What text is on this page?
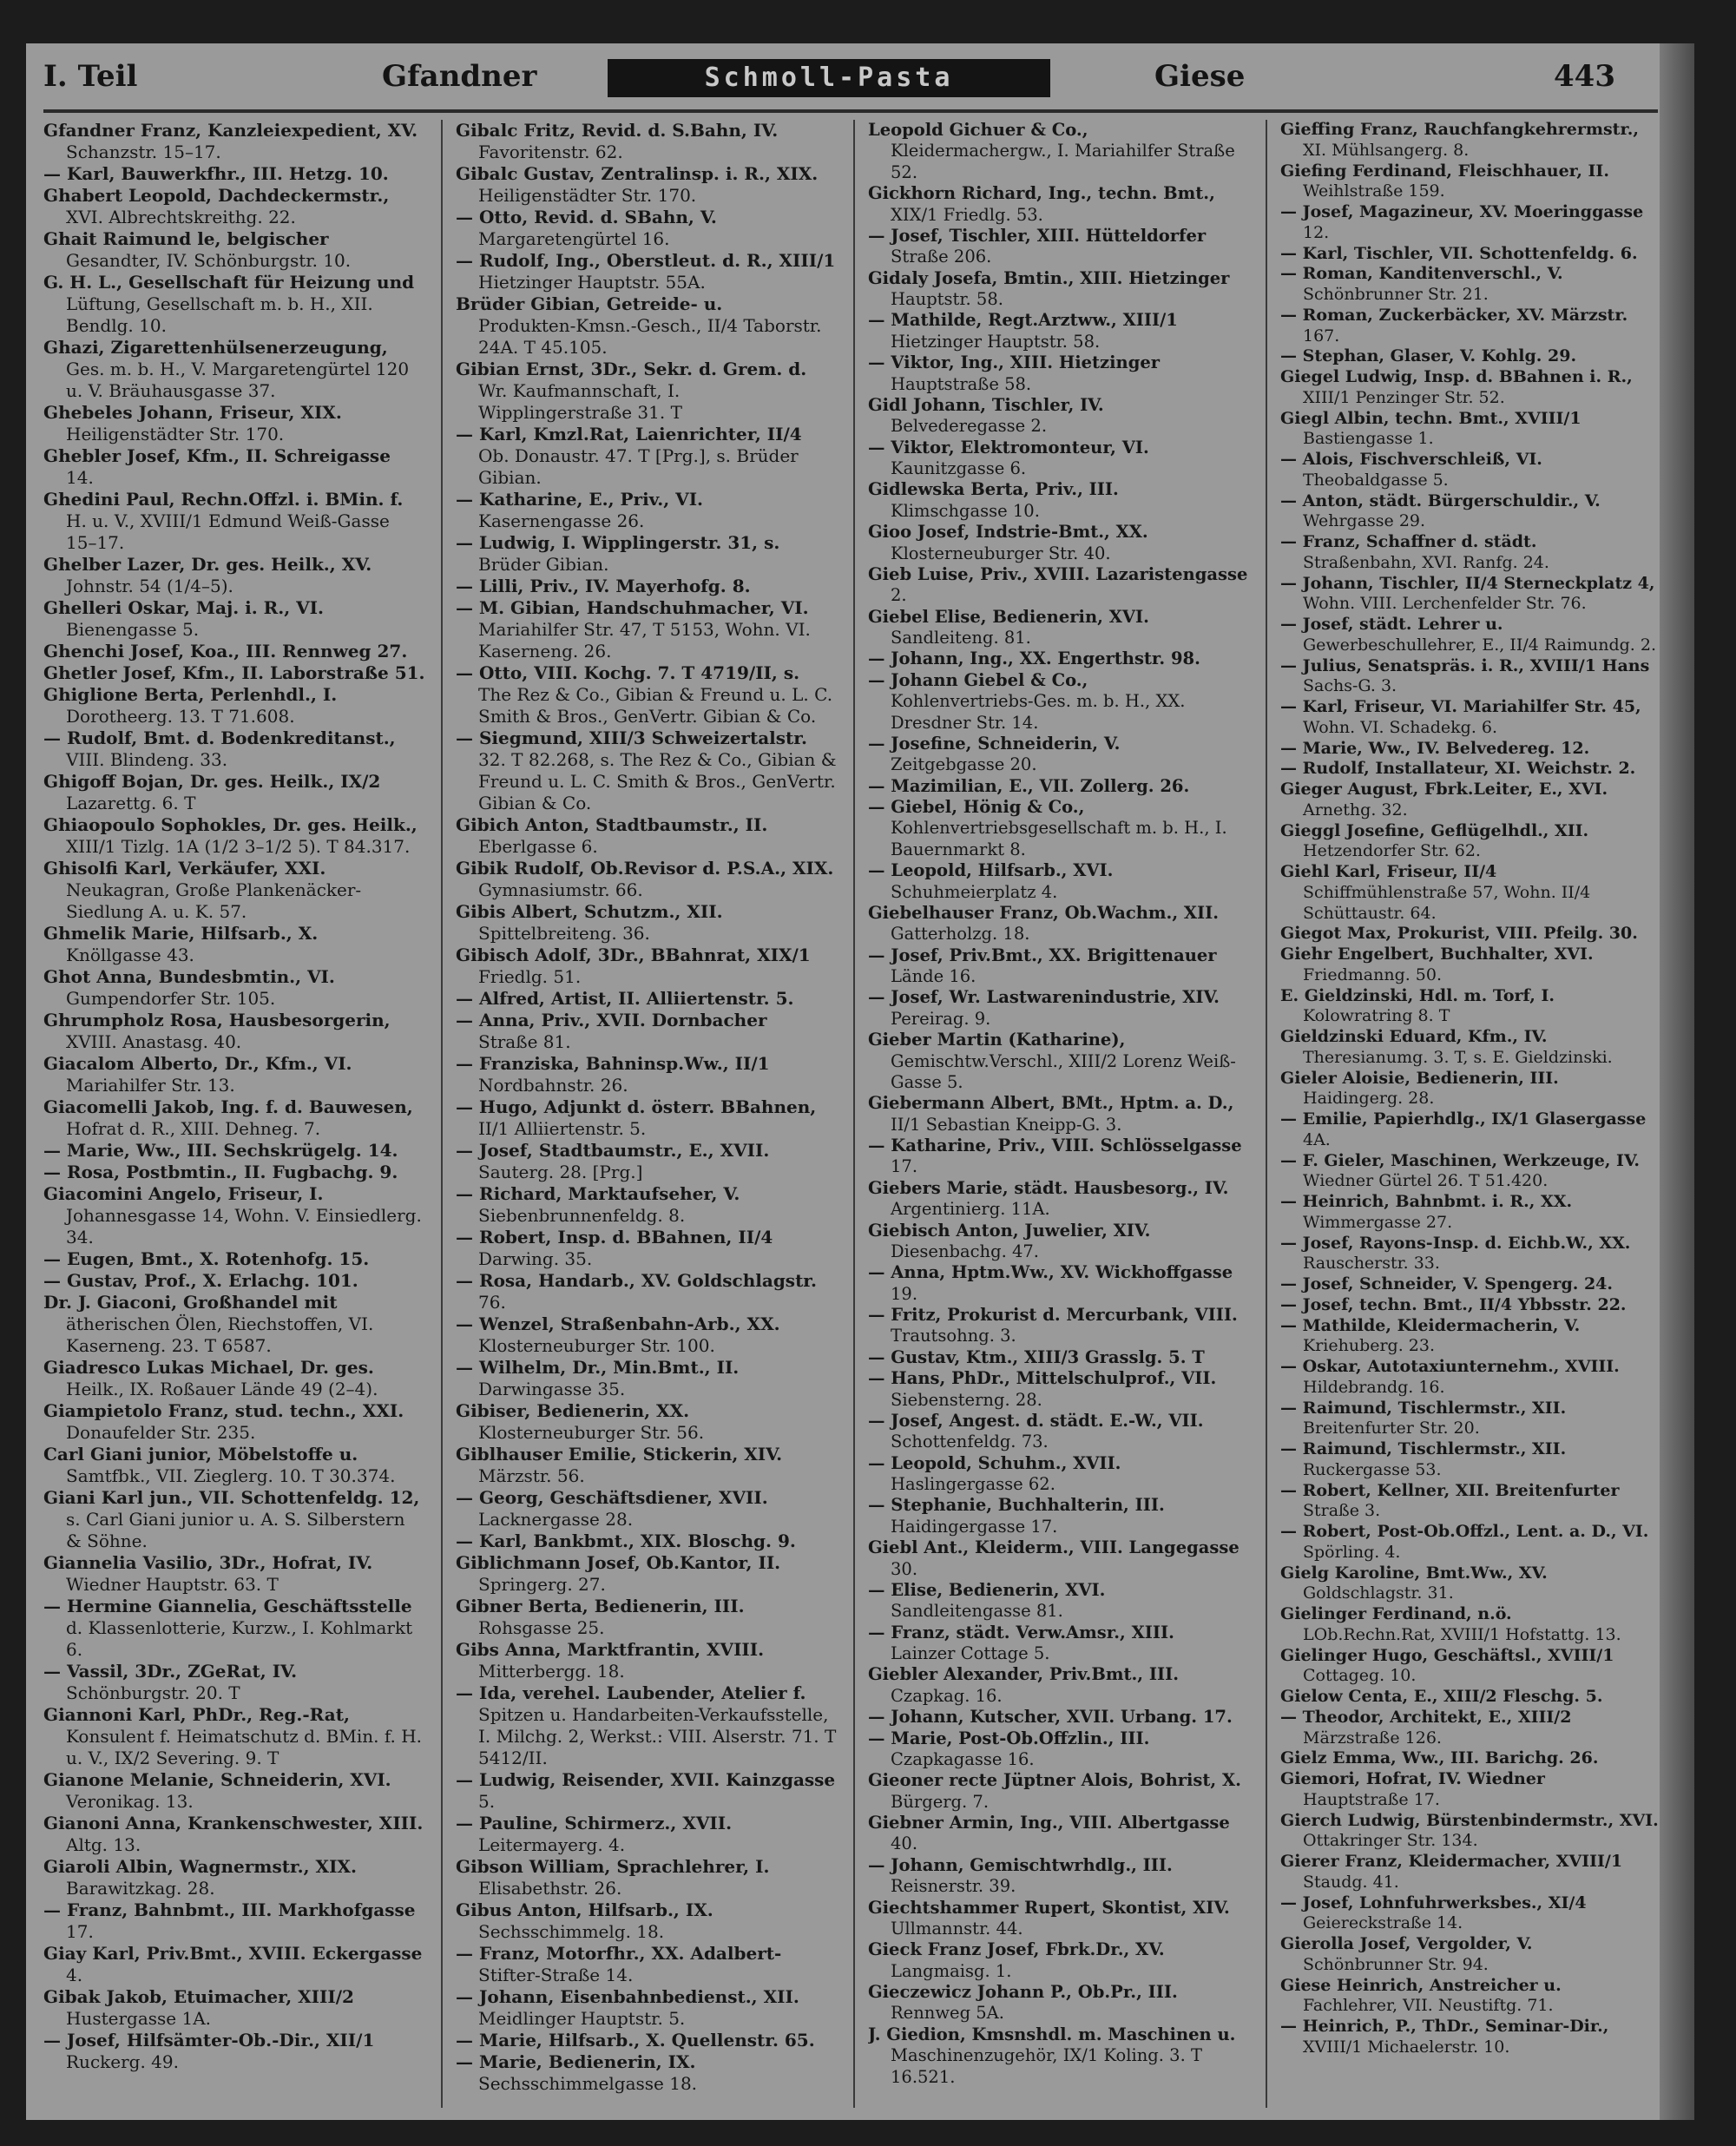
I. Teil	Gfandner	Schmoll-Pasta	Giese	443

Gfandner Franz, Kanzleiexpedient, XV. Schanzstr. 15–17.

— Karl, Bauwerkfhr., III. Hetzg. 10.

Ghabert Leopold, Dachdeckermstr., XVI. Albrechtskreithg. 22.

Ghait Raimund le, belgischer Gesandter, IV. Schönburgstr. 10.

G. H. L., Gesellschaft für Heizung und Lüftung, Gesellschaft m. b. H., XII. Bendlg. 10.

Ghazi, Zigarettenhülsenerzeugung, Ges. m. b. H., V. Margaretengürtel 120 u. V. Bräuhausgasse 37.

Ghebeles Johann, Friseur, XIX. Heiligenstädter Str. 170.

Ghebler Josef, Kfm., II. Schreigasse 14.

Ghedini Paul, Rechn.Offzl. i. BMin. f. H. u. V., XVIII/1 Edmund Weiß-Gasse 15–17.

Ghelber Lazer, Dr. ges. Heilk., XV. Johnstr. 54 (1/4–5).

Ghelleri Oskar, Maj. i. R., VI. Bienengasse 5.

Ghenchi Josef, Koa., III. Rennweg 27.

Ghetler Josef, Kfm., II. Laborstraße 51.

Ghiglione Berta, Perlenhdl., I. Dorotheerg. 13. T 71.608.

— Rudolf, Bmt. d. Bodenkreditanst., VIII. Blindeng. 33.

Ghigoff Bojan, Dr. ges. Heilk., IX/2 Lazarettg. 6. T

Ghiaopoulo Sophokles, Dr. ges. Heilk., XIII/1 Tizlg. 1A (1/2 3–1/2 5). T 84.317.

Ghisolfi Karl, Verkäufer, XXI. Neukagran, Große Plankenäcker-Siedlung A. u. K. 57.

Ghmelik Marie, Hilfsarb., X. Knöllgasse 43.

Ghot Anna, Bundesbmtin., VI. Gumpendorfer Str. 105.

Ghrumpholz Rosa, Hausbesorgerin, XVIII. Anastasg. 40.

Giacalom Alberto, Dr., Kfm., VI. Mariahilfer Str. 13.

Giacomelli Jakob, Ing. f. d. Bauwesen, Hofrat d. R., XIII. Dehneg. 7.

— Marie, Ww., III. Sechskrügelg. 14.

— Rosa, Postbmtin., II. Fugbachg. 9.

Giacomini Angelo, Friseur, I. Johannesgasse 14, Wohn. V. Einsiedlerg. 34.

— Eugen, Bmt., X. Rotenhofg. 15.

— Gustav, Prof., X. Erlachg. 101.

Dr. J. Giaconi, Großhandel mit ätherischen Ölen, Riechstoffen, VI. Kaserneng. 23. T 6587.

Giadresco Lukas Michael, Dr. ges. Heilk., IX. Roßauer Lände 49 (2–4).

Giampietolo Franz, stud. techn., XXI. Donaufelder Str. 235.

Carl Giani junior, Möbelstoffe u. Samtfbk., VII. Zieglerg. 10. T 30.374.

Giani Karl jun., VII. Schottenfeldg. 12, s. Carl Giani junior u. A. S. Silberstern & Söhne.

Giannelia Vasilio, 3Dr., Hofrat, IV. Wiedner Hauptstr. 63. T

— Hermine Giannelia, Geschäftsstelle d. Klassenlotterie, Kurzw., I. Kohlmarkt 6.

— Vassil, 3Dr., ZGeRat, IV. Schönburgstr. 20. T

Giannoni Karl, PhDr., Reg.-Rat, Konsulent f. Heimatschutz d. BMin. f. H. u. V., IX/2 Severing. 9. T

Gianone Melanie, Schneiderin, XVI. Veronikag. 13.

Gianoni Anna, Krankenschwester, XIII. Altg. 13.

Giaroli Albin, Wagnermstr., XIX. Barawitzkag. 28.

— Franz, Bahnbmt., III. Markhofgasse 17.

Giay Karl, Priv.Bmt., XVIII. Eckergasse 4.

Gibak Jakob, Etuimacher, XIII/2 Hustergasse 1A.

— Josef, Hilfsämter-Ob.-Dir., XII/1 Ruckerg. 49.

Gibalc Fritz, Revid. d. S.Bahn, IV. Favoritenstr. 62.

Gibalc Gustav, Zentralinsp. i. R., XIX. Heiligenstädter Str. 170.

— Otto, Revid. d. SBahn, V. Margaretengürtel 16.

— Rudolf, Ing., Oberstleut. d. R., XIII/1 Hietzinger Hauptstr. 55A.

Brüder Gibian, Getreide- u. Produkten-Kmsn.-Gesch., II/4 Taborstr. 24A. T 45.105.

Gibian Ernst, 3Dr., Sekr. d. Grem. d. Wr. Kaufmannschaft, I. Wipplingerstraße 31. T

— Karl, Kmzl.Rat, Laienrichter, II/4 Ob. Donaustr. 47. T [Prg.], s. Brüder Gibian.

— Katharine, E., Priv., VI. Kasernengasse 26.

— Ludwig, I. Wipplingerstr. 31, s. Brüder Gibian.

— Lilli, Priv., IV. Mayerhofg. 8.

— M. Gibian, Handschuhmacher, VI. Mariahilfer Str. 47, T 5153, Wohn. VI. Kaserneng. 26.

— Otto, VIII. Kochg. 7. T 4719/II, s. The Rez & Co., Gibian & Freund u. L. C. Smith & Bros., GenVertr. Gibian & Co.

— Siegmund, XIII/3 Schweizertalstr. 32. T 82.268, s. The Rez & Co., Gibian & Freund u. L. C. Smith & Bros., GenVertr. Gibian & Co.

Gibich Anton, Stadtbaumstr., II. Eberlgasse 6.

Gibik Rudolf, Ob.Revisor d. P.S.A., XIX. Gymnasiumstr. 66.

Gibis Albert, Schutzm., XII. Spittelbreiteng. 36.

Gibisch Adolf, 3Dr., BBahnrat, XIX/1 Friedlg. 51.

— Alfred, Artist, II. Alliiertenstr. 5.

— Anna, Priv., XVII. Dornbacher Straße 81.

— Franziska, Bahninsp.Ww., II/1 Nordbahnstr. 26.

— Hugo, Adjunkt d. österr. BBahnen, II/1 Alliiertenstr. 5.

— Josef, Stadtbaumstr., E., XVII. Sauterg. 28. [Prg.]

— Richard, Marktaufseher, V. Siebenbrunnenfeldg. 8.

— Robert, Insp. d. BBahnen, II/4 Darwing. 35.

— Rosa, Handarb., XV. Goldschlagstr. 76.

— Wenzel, Straßenbahn-Arb., XX. Klosterneuburger Str. 100.

— Wilhelm, Dr., Min.Bmt., II. Darwingasse 35.

Gibiser, Bedienerin, XX. Klosterneuburger Str. 56.

Giblhauser Emilie, Stickerin, XIV. Märzstr. 56.

— Georg, Geschäftsdiener, XVII. Lacknergasse 28.

— Karl, Bankbmt., XIX. Bloschg. 9.

Giblichmann Josef, Ob.Kantor, II. Springerg. 27.

Gibner Berta, Bedienerin, III. Rohsgasse 25.

Gibs Anna, Marktfrantin, XVIII. Mitterbergg. 18.

— Ida, verehel. Laubender, Atelier f. Spitzen u. Handarbeiten-Verkaufsstelle, I. Milchg. 2, Werkst.: VIII. Alserstr. 71. T 5412/II.

— Ludwig, Reisender, XVII. Kainzgasse 5.

— Pauline, Schirmerz., XVII. Leitermayerg. 4.

Gibson William, Sprachlehrer, I. Elisabethstr. 26.

Gibus Anton, Hilfsarb., IX. Sechsschimmelg. 18.

— Franz, Motorfhr., XX. Adalbert-Stifter-Straße 14.

— Johann, Eisenbahnbedienst., XII. Meidlinger Hauptstr. 5.

— Marie, Hilfsarb., X. Quellenstr. 65.

— Marie, Bedienerin, IX. Sechsschimmelgasse 18.

Leopold Gichuer & Co., Kleidermachergw., I. Mariahilfer Straße 52.

Gickhorn Richard, Ing., techn. Bmt., XIX/1 Friedlg. 53.

— Josef, Tischler, XIII. Hütteldorfer Straße 206.

Gidaly Josefa, Bmtin., XIII. Hietzinger Hauptstr. 58.

— Mathilde, Regt.Arztww., XIII/1 Hietzinger Hauptstr. 58.

— Viktor, Ing., XIII. Hietzinger Hauptstraße 58.

Gidl Johann, Tischler, IV. Belvederegasse 2.

— Viktor, Elektromonteur, VI. Kaunitzgasse 6.

Gidlewska Berta, Priv., III. Klimschgasse 10.

Gioo Josef, Indstrie-Bmt., XX. Klosterneuburger Str. 40.

Gieb Luise, Priv., XVIII. Lazaristengasse 2.

Giebel Elise, Bedienerin, XVI. Sandleiteng. 81.

— Johann, Ing., XX. Engerthstr. 98.

— Johann Giebel & Co., Kohlenvertriebs-Ges. m. b. H., XX. Dresdner Str. 14.

— Josefine, Schneiderin, V. Zeitgebgasse 20.

— Mazimilian, E., VII. Zollerg. 26.

— Giebel, Hönig & Co., Kohlenvertriebsgesellschaft m. b. H., I. Bauernmarkt 8.

— Leopold, Hilfsarb., XVI. Schuhmeierplatz 4.

Giebelhauser Franz, Ob.Wachm., XII. Gatterholzg. 18.

— Josef, Priv.Bmt., XX. Brigittenauer Lände 16.

— Josef, Wr. Lastwarenindustrie, XIV. Pereirag. 9.

Gieber Martin (Katharine), Gemischtw.Verschl., XIII/2 Lorenz Weiß-Gasse 5.

Giebermann Albert, BMt., Hptm. a. D., II/1 Sebastian Kneipp-G. 3.

— Katharine, Priv., VIII. Schlösselgasse 17.

Giebers Marie, städt. Hausbesorg., IV. Argentinierg. 11A.

Giebisch Anton, Juwelier, XIV. Diesenbachg. 47.

— Anna, Hptm.Ww., XV. Wickhoffgasse 19.

— Fritz, Prokurist d. Mercurbank, VIII. Trautsohng. 3.

— Gustav, Ktm., XIII/3 Grasslg. 5. T

— Hans, PhDr., Mittelschulprof., VII. Siebensterng. 28.

— Josef, Angest. d. städt. E.-W., VII. Schottenfeldg. 73.

— Leopold, Schuhm., XVII. Haslingergasse 62.

— Stephanie, Buchhalterin, III. Haidingergasse 17.

Giebl Ant., Kleiderm., VIII. Langegasse 30.

— Elise, Bedienerin, XVI. Sandleitengasse 81.

— Franz, städt. Verw.Amsr., XIII. Lainzer Cottage 5.

Giebler Alexander, Priv.Bmt., III. Czapkag. 16.

— Johann, Kutscher, XVII. Urbang. 17.

— Marie, Post-Ob.Offzlin., III. Czapkagasse 16.

Gieoner recte Jüptner Alois, Bohrist, X. Bürgerg. 7.

Giebner Armin, Ing., VIII. Albertgasse 40.

— Johann, Gemischtwrhdlg., III. Reisnerstr. 39.

Giechtshammer Rupert, Skontist, XIV. Ullmannstr. 44.

Gieck Franz Josef, Fbrk.Dr., XV. Langmaisg. 1.

Gieczewicz Johann P., Ob.Pr., III. Rennweg 5A.

J. Giedion, Kmsnshdl. m. Maschinen u. Maschinenzugehör, IX/1 Koling. 3. T 16.521.

Gieffing Franz, Rauchfangkehrermstr., XI. Mühlsangerg. 8.

Giefing Ferdinand, Fleischhauer, II. Weihlstraße 159.

— Josef, Magazineur, XV. Moeringgasse 12.

— Karl, Tischler, VII. Schottenfeldg. 6.

— Roman, Kanditenverschl., V. Schönbrunner Str. 21.

— Roman, Zuckerbäcker, XV. Märzstr. 167.

— Stephan, Glaser, V. Kohlg. 29.

Giegel Ludwig, Insp. d. BBahnen i. R., XIII/1 Penzinger Str. 52.

Giegl Albin, techn. Bmt., XVIII/1 Bastiengasse 1.

— Alois, Fischverschleiß, VI. Theobaldgasse 5.

— Anton, städt. Bürgerschuldir., V. Wehrgasse 29.

— Franz, Schaffner d. städt. Straßenbahn, XVI. Ranfg. 24.

— Johann, Tischler, II/4 Sterneckplatz 4, Wohn. VIII. Lerchenfelder Str. 76.

— Josef, städt. Lehrer u. Gewerbeschullehrer, E., II/4 Raimundg. 2.

— Julius, Senatspräs. i. R., XVIII/1 Hans Sachs-G. 3.

— Karl, Friseur, VI. Mariahilfer Str. 45, Wohn. VI. Schadekg. 6.

— Marie, Ww., IV. Belvedereg. 12.

— Rudolf, Installateur, XI. Weichstr. 2.

Gieger August, Fbrk.Leiter, E., XVI. Arnethg. 32.

Gieggl Josefine, Geflügelhdl., XII. Hetzendorfer Str. 62.

Giehl Karl, Friseur, II/4 Schiffmühlenstraße 57, Wohn. II/4 Schüttaustr. 64.

Giegot Max, Prokurist, VIII. Pfeilg. 30.

Giehr Engelbert, Buchhalter, XVI. Friedmanng. 50.

E. Gieldzinski, Hdl. m. Torf, I. Kolowratring 8. T

Gieldzinski Eduard, Kfm., IV. Theresianumg. 3. T, s. E. Gieldzinski.

Gieler Aloisie, Bedienerin, III. Haidingerg. 28.

— Emilie, Papierhdlg., IX/1 Glasergasse 4A.

— F. Gieler, Maschinen, Werkzeuge, IV. Wiedner Gürtel 26. T 51.420.

— Heinrich, Bahnbmt. i. R., XX. Wimmergasse 27.

— Josef, Rayons-Insp. d. Eichb.W., XX. Rauscherstr. 33.

— Josef, Schneider, V. Spengerg. 24.

— Josef, techn. Bmt., II/4 Ybbsstr. 22.

— Mathilde, Kleidermacherin, V. Kriehuberg. 23.

— Oskar, Autotaxiunternehm., XVIII. Hildebrandg. 16.

— Raimund, Tischlermstr., XII. Breitenfurter Str. 20.

— Raimund, Tischlermstr., XII. Ruckergasse 53.

— Robert, Kellner, XII. Breitenfurter Straße 3.

— Robert, Post-Ob.Offzl., Lent. a. D., VI. Spörling. 4.

Gielg Karoline, Bmt.Ww., XV. Goldschlagstr. 31.

Gielinger Ferdinand, n.ö. LOb.Rechn.Rat, XVIII/1 Hofstattg. 13.

Gielinger Hugo, Geschäftsl., XVIII/1 Cottageg. 10.

Gielow Centa, E., XIII/2 Fleschg. 5.

— Theodor, Architekt, E., XIII/2 Märzstraße 126.

Gielz Emma, Ww., III. Barichg. 26.

Giemori, Hofrat, IV. Wiedner Hauptstraße 17.

Gierch Ludwig, Bürstenbindermstr., XVI. Ottakringer Str. 134.

Gierer Franz, Kleidermacher, XVIII/1 Staudg. 41.

— Josef, Lohnfuhrwerksbes., XI/4 Geiereckstraße 14.

Gierolla Josef, Vergolder, V. Schönbrunner Str. 94.

Giese Heinrich, Anstreicher u. Fachlehrer, VII. Neustiftg. 71.

— Heinrich, P., ThDr., Seminar-Dir., XVIII/1 Michaelerstr. 10.
